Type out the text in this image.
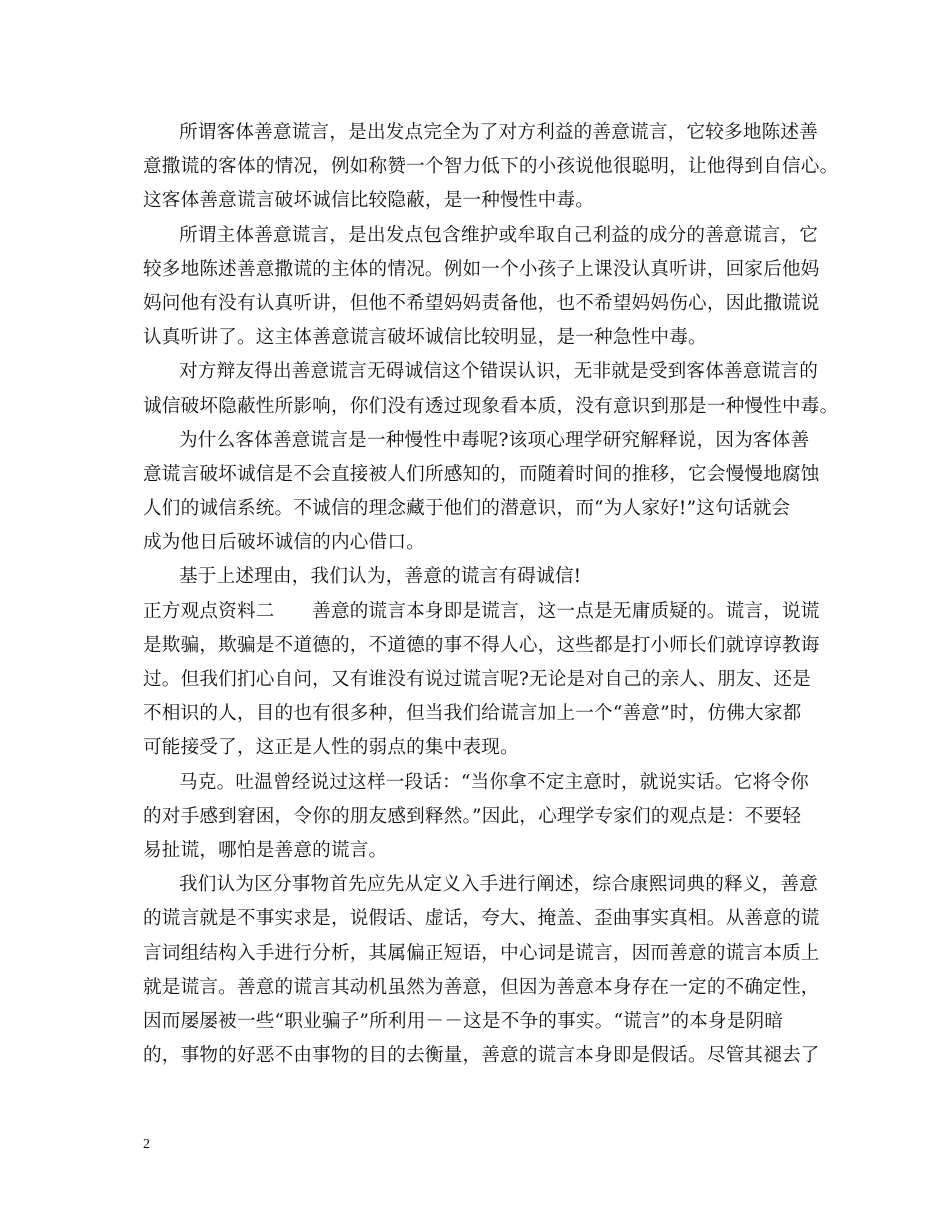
所谓客体善意谎言，是出发点完全为了对方利益的善意谎言，它较多地陈述善
意撒谎的客体的情况，例如称赞一个智力低下的小孩说他很聪明，让他得到自信心。
这客体善意谎言破坏诚信比较隐蔽，是一种慢性中毒。
所谓主体善意谎言，是出发点包含维护或牟取自己利益的成分的善意谎言，它
较多地陈述善意撒谎的主体的情况。例如一个小孩子上课没认真听讲，回家后他妈
妈问他有没有认真听讲，但他不希望妈妈责备他，也不希望妈妈伤心，因此撒谎说
认真听讲了。这主体善意谎言破坏诚信比较明显，是一种急性中毒。
对方辩友得出善意谎言无碍诚信这个错误认识，无非就是受到客体善意谎言的
诚信破坏隐蔽性所影响，你们没有透过现象看本质，没有意识到那是一种慢性中毒。
为什么客体善意谎言是一种慢性中毒呢?该项心理学研究解释说，因为客体善
意谎言破坏诚信是不会直接被人们所感知的，而随着时间的推移，它会慢慢地腐蚀
人们的诚信系统。不诚信的理念藏于他们的潜意识，而“为人家好!”这句话就会
成为他日后破坏诚信的内心借口。
基于上述理由，我们认为，善意的谎言有碍诚信!
正方观点资料二　　善意的谎言本身即是谎言，这一点是无庸质疑的。谎言，说谎
是欺骗，欺骗是不道德的，不道德的事不得人心，这些都是打小师长们就谆谆教诲
过。但我们扪心自问，又有谁没有说过谎言呢?无论是对自己的亲人、朋友、还是
不相识的人，目的也有很多种，但当我们给谎言加上一个“善意”时，仿佛大家都
可能接受了，这正是人性的弱点的集中表现。
马克。吐温曾经说过这样一段话：“当你拿不定主意时，就说实话。它将令你
的对手感到窘困，令你的朋友感到释然。”因此，心理学专家们的观点是：不要轻
易扯谎，哪怕是善意的谎言。
我们认为区分事物首先应先从定义入手进行阐述，综合康熙词典的释义，善意
的谎言就是不事实求是，说假话、虚话，夸大、掩盖、歪曲事实真相。从善意的谎
言词组结构入手进行分析，其属偏正短语，中心词是谎言，因而善意的谎言本质上
就是谎言。善意的谎言其动机虽然为善意，但因为善意本身存在一定的不确定性，
因而屡屡被一些“职业骗子”所利用－－这是不争的事实。“谎言”的本身是阴暗
的，事物的好恶不由事物的目的去衡量，善意的谎言本身即是假话。尽管其褪去了
2
